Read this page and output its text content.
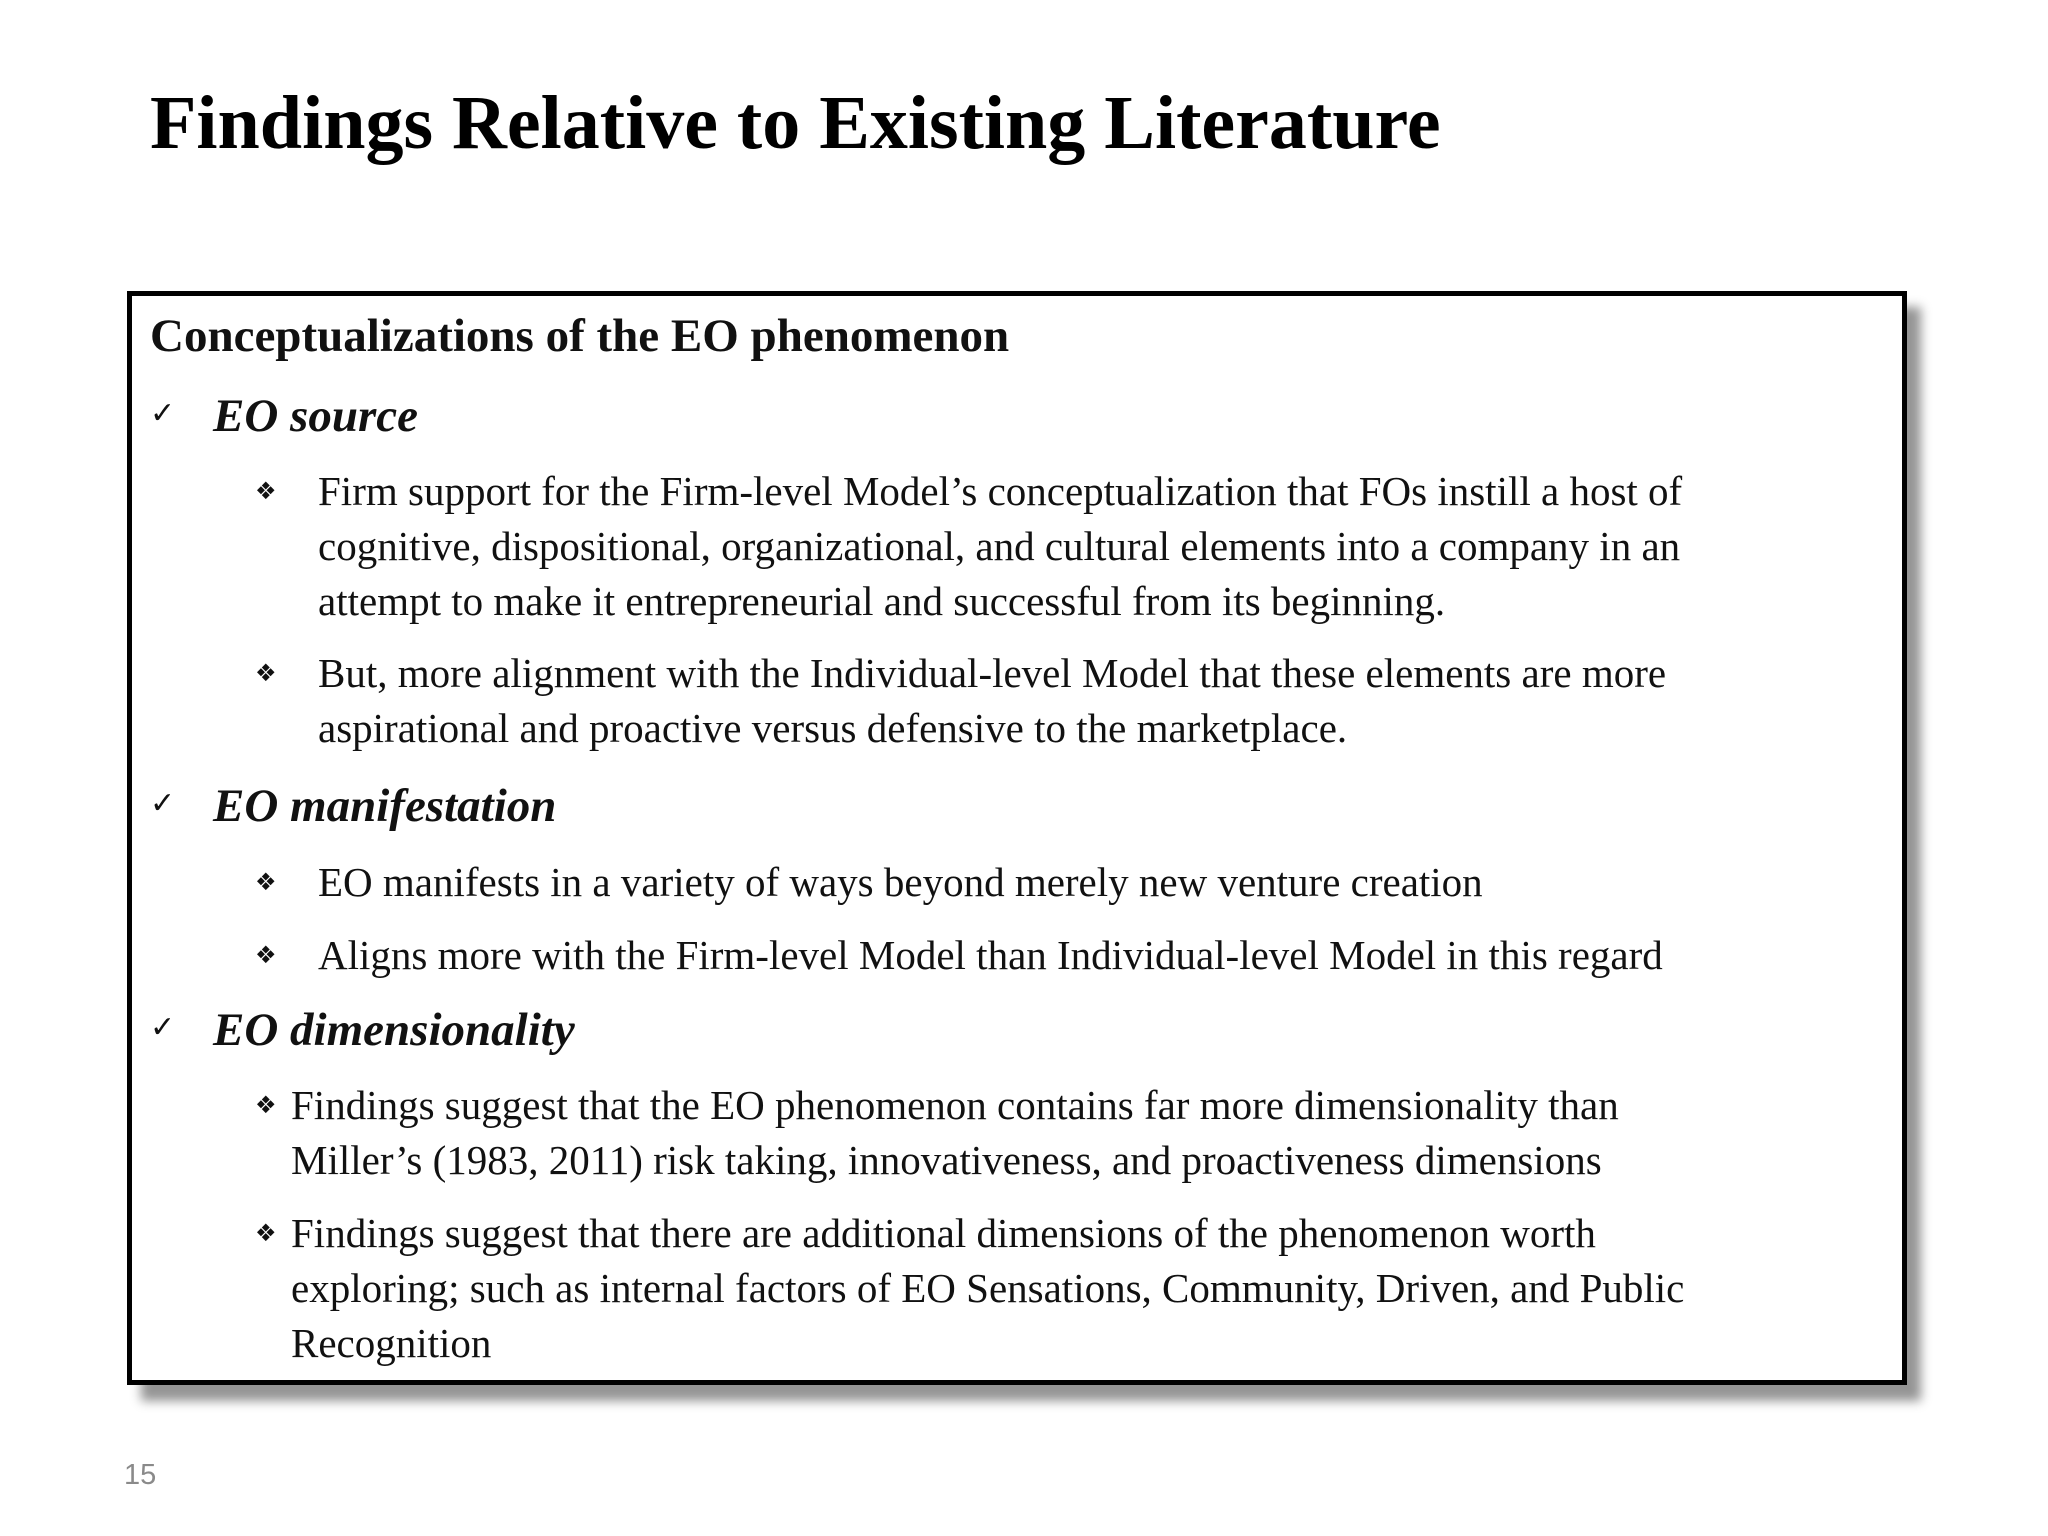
Findings Relative to Existing Literature
Conceptualizations of the EO phenomenon
✓ EO source
❖ Firm support for the Firm-level Model’s conceptualization that FOs instill a host of
cognitive, dispositional, organizational, and cultural elements into a company in an
attempt to make it entrepreneurial and successful from its beginning.
❖ But, more alignment with the Individual-level Model that these elements are more
aspirational and proactive versus defensive to the marketplace.
✓ EO manifestation
❖ EO manifests in a variety of ways beyond merely new venture creation
❖ Aligns more with the Firm-level Model than Individual-level Model in this regard
✓ EO dimensionality
❖ Findings suggest that the EO phenomenon contains far more dimensionality than
Miller’s (1983, 2011) risk taking, innovativeness, and proactiveness dimensions
❖ Findings suggest that there are additional dimensions of the phenomenon worth
exploring; such as internal factors of EO Sensations, Community, Driven, and Public
Recognition
15
